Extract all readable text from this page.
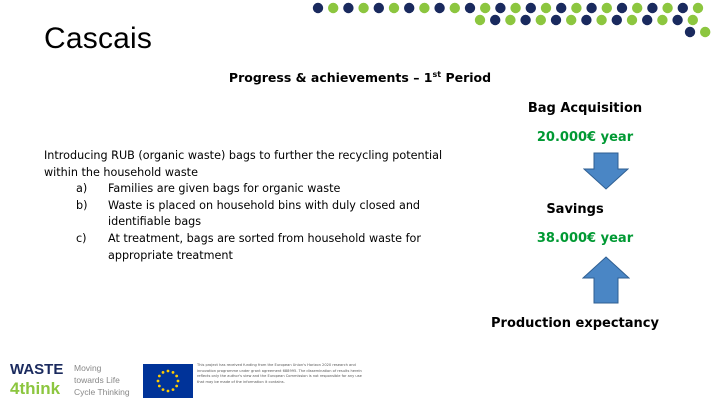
Cascais
Progress & achievements – 1st Period

Introducing RUB (organic waste) bags to further the recycling potential within the household waste

a) Families are given bags for organic waste
b) Waste is placed on household bins with duly closed and identifiable bags
c) At treatment, bags are sorted from household waste for appropriate treatment
Bag Acquisition
20.000€ year
Savings
38.000€ year
Production expectancy
WASTE
4think
Moving
towards Life
Cycle Thinking
This project has received funding from the European Union's Horizon 2020 research and innovation programme under grant agreement 688995. The dissemination of results herein reflects only the author's view and the European Commission is not responsible for any use that may be made of the information it contains.
